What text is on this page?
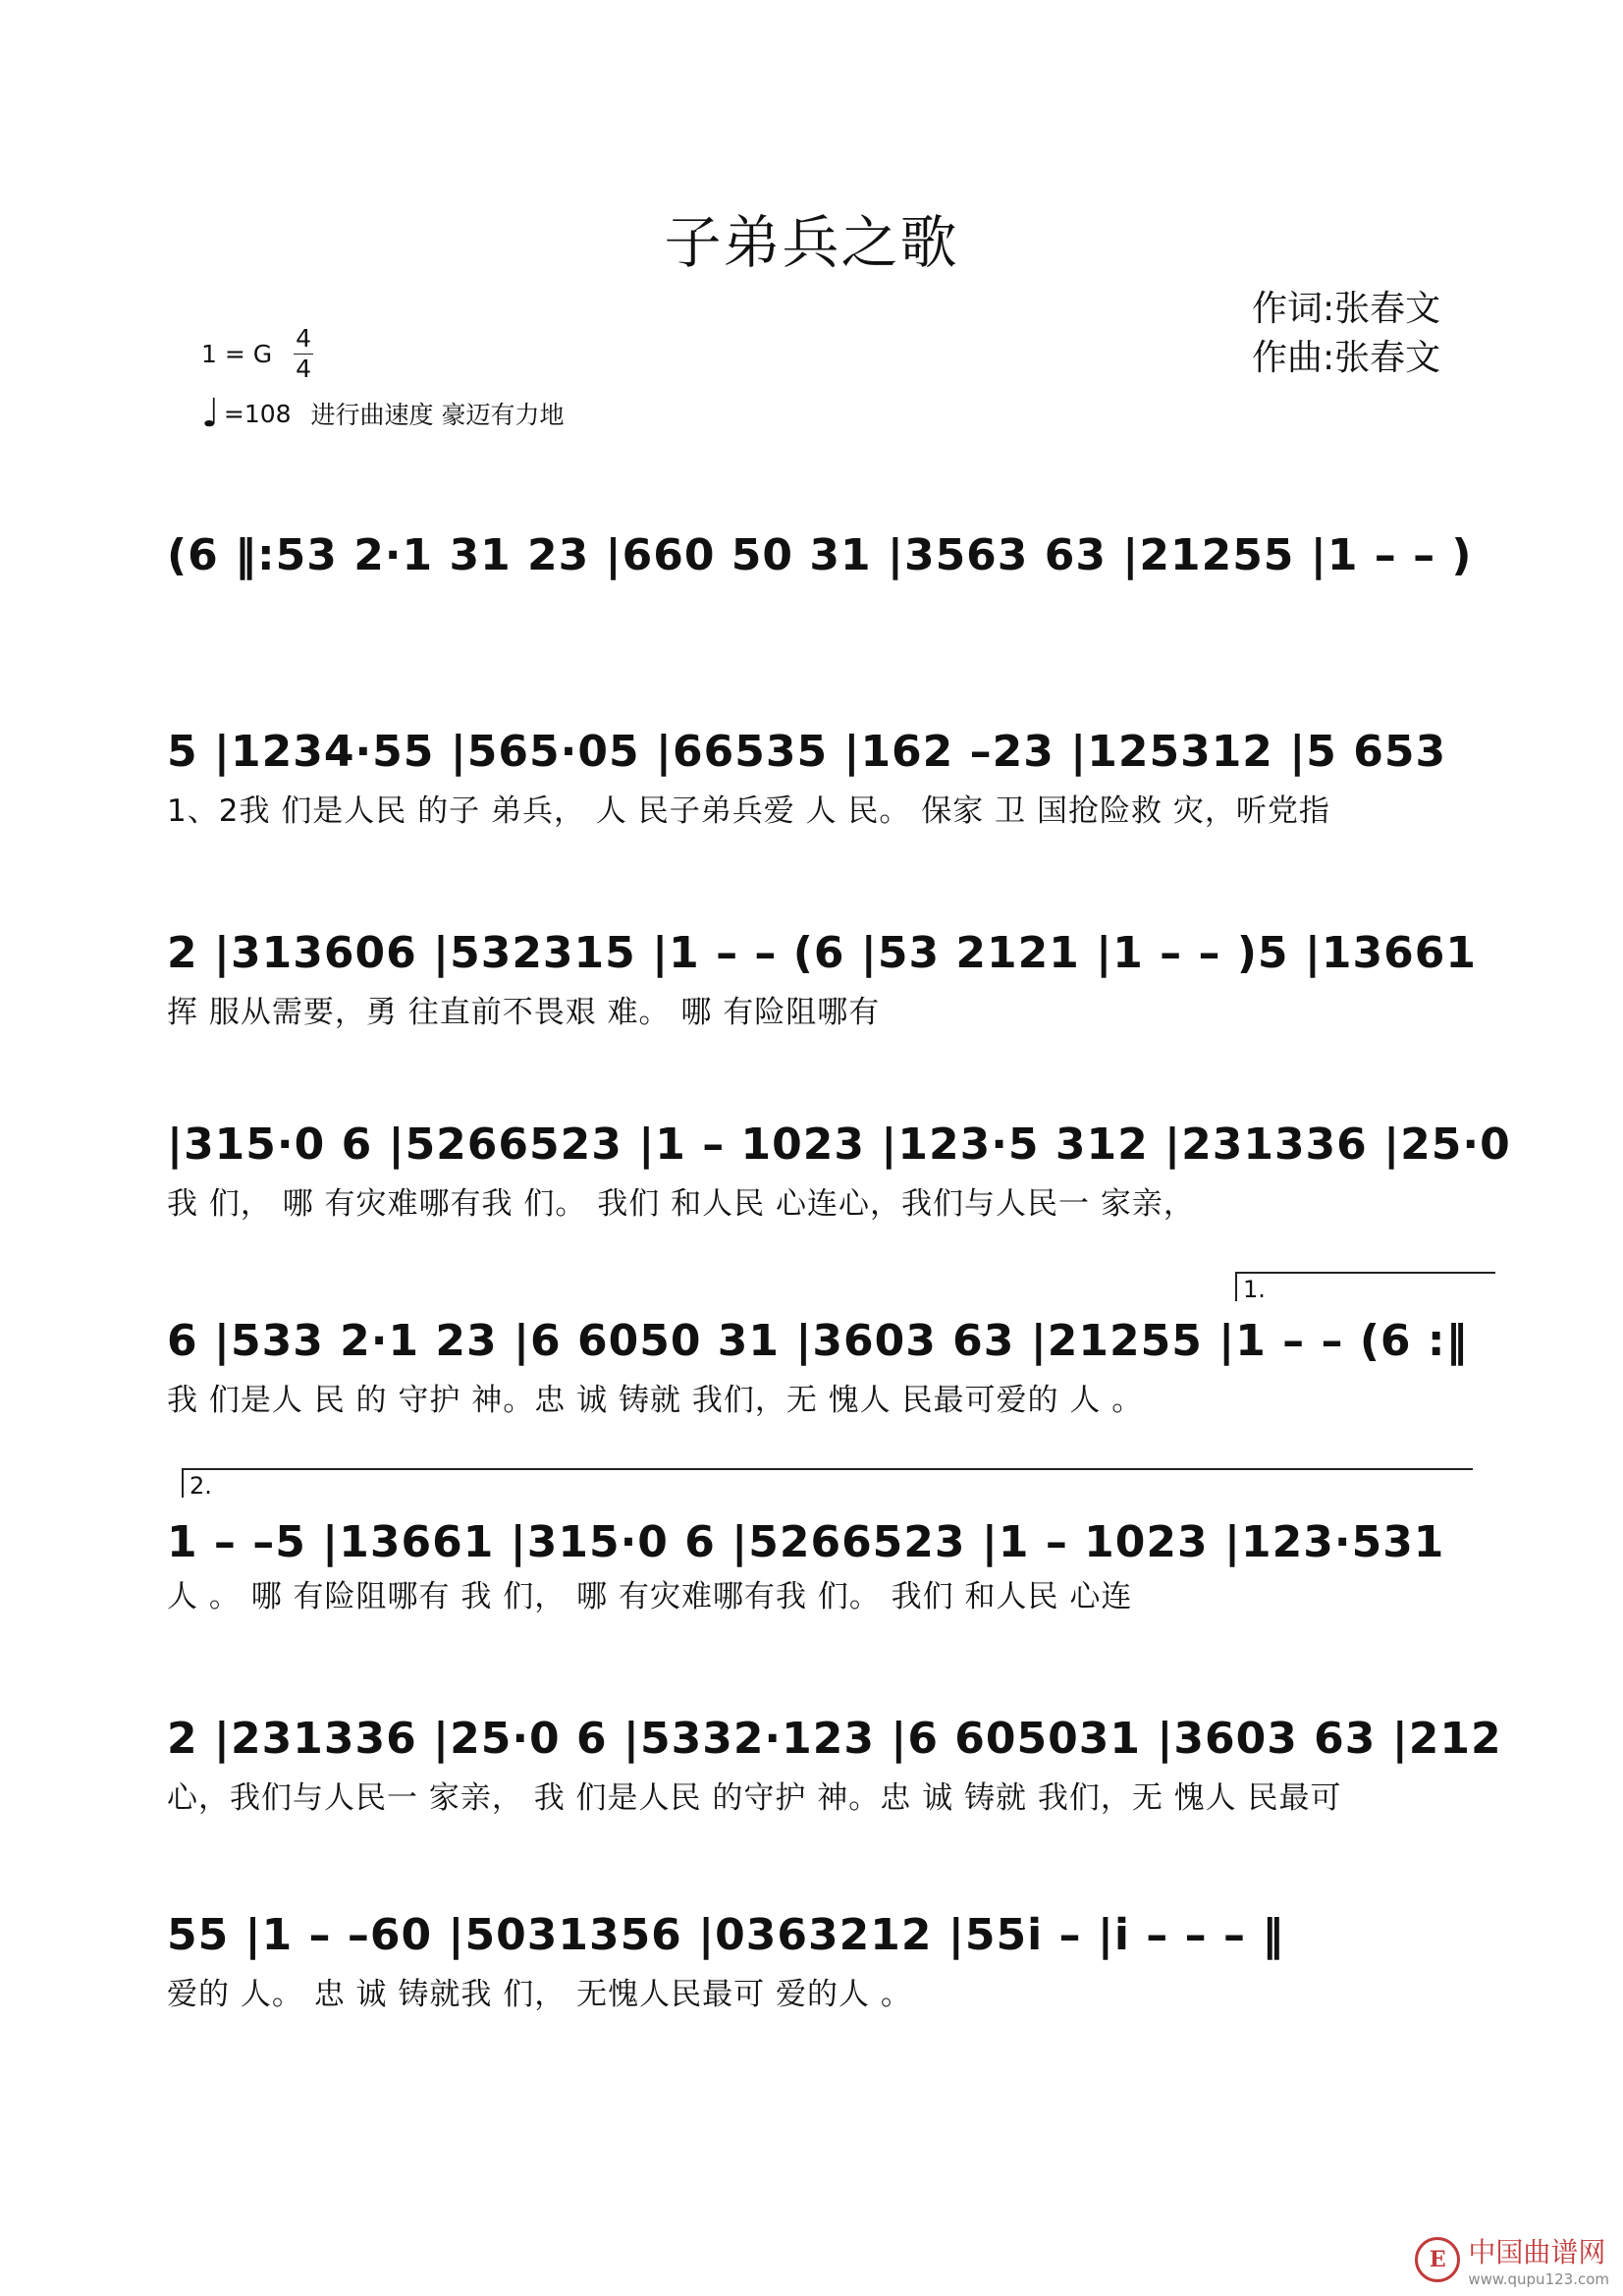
子弟兵之歌
作词:张春文
作曲:张春文
1 = G
4
4
♩ =108 进行曲速度 豪迈有力地
(6 ‖:53 2·1 31 23 |660 50 31 |3563 63 |21255 |1 – – )
5 |1234·55 |565·05 |66535 |162 –23 |125312 |5 653
1、2我 们是人民 的子 弟兵， 人 民子弟兵爱 人 民。 保家 卫 国抢险救 灾，听党指
2 |313606 |532315 |1 – – (6 |53 2121 |1 – – )5 |13661
挥 服从需要，勇 往直前不畏艰 难。 哪 有险阻哪有
|315·0 6 |5266523 |1 – 1023 |123·5 312 |231336 |25·0
我 们， 哪 有灾难哪有我 们。 我们 和人民 心连心，我们与人民一 家亲，
1.
6 |533 2·1 23 |6 6050 31 |3603 63 |21255 |1 – – (6 :‖
我 们是人 民 的 守护 神。忠 诚 铸就 我们，无 愧人 民最可爱的 人 。
2.
1 – –5 |13661 |315·0 6 |5266523 |1 – 1023 |123·531
人 。 哪 有险阻哪有 我 们， 哪 有灾难哪有我 们。 我们 和人民 心连
2 |231336 |25·0 6 |5332·123 |6 605031 |3603 63 |212
心，我们与人民一 家亲， 我 们是人民 的守护 神。忠 诚 铸就 我们，无 愧人 民最可
55 |1 – –60 |5031356 |0363212 |55i̇ – |i̇ – – – ‖
爱的 人。 忠 诚 铸就我 们， 无愧人民最可 爱的人 。
E 中国曲谱网
www.qupu123.com
